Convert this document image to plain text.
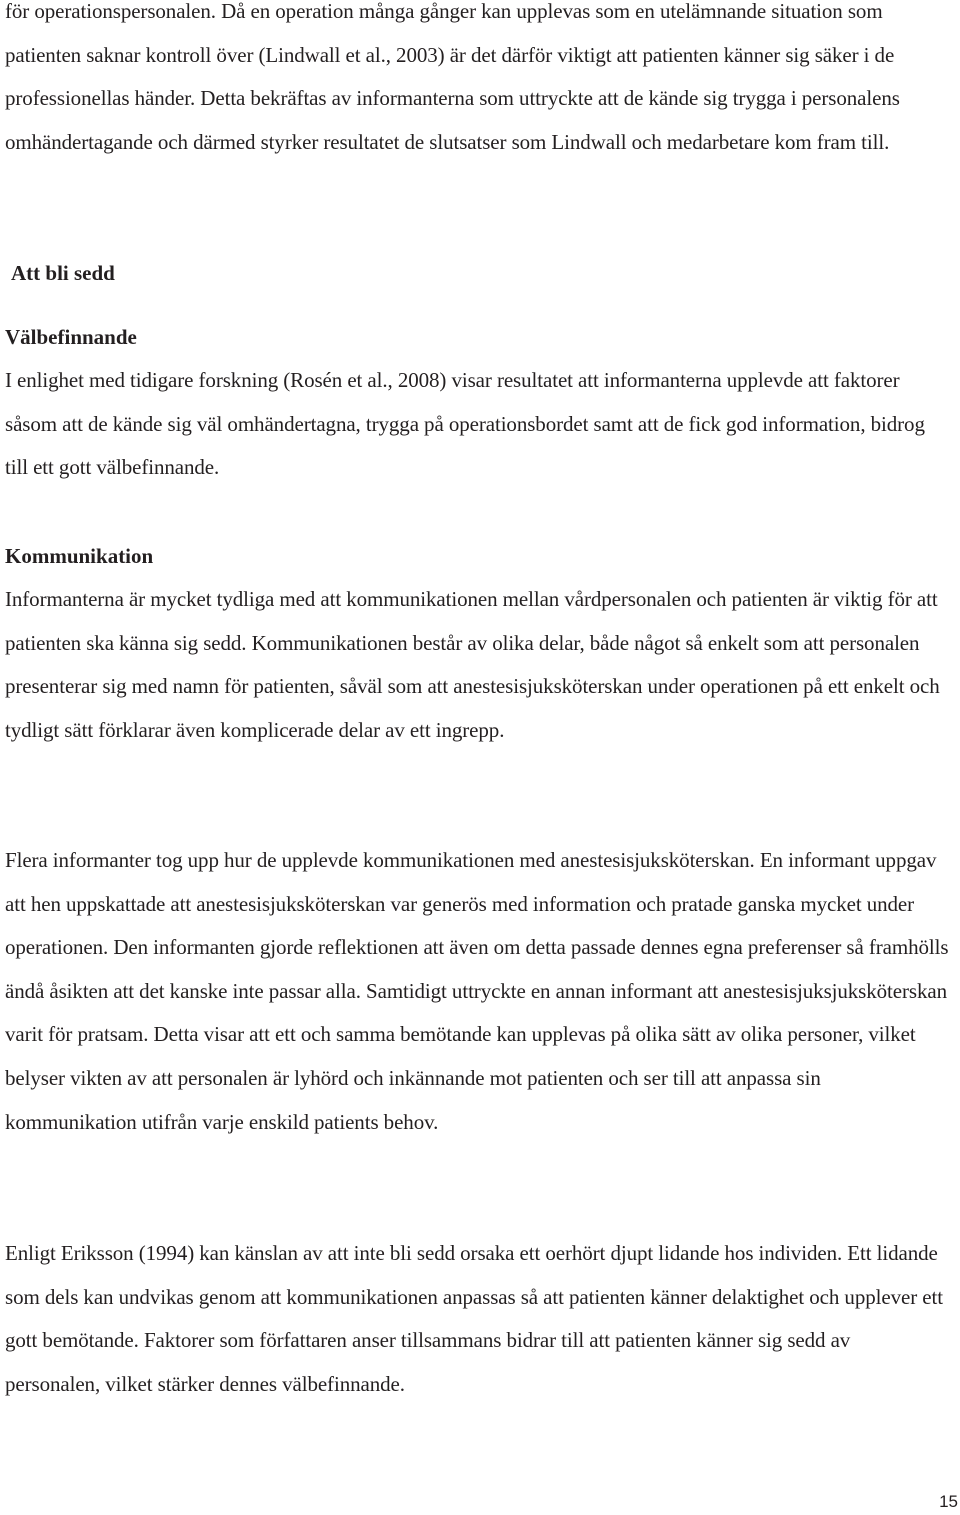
för operationspersonalen. Då en operation många gånger kan upplevas som en utelämnande situation som patienten saknar kontroll över (Lindwall et al., 2003) är det därför viktigt att patienten känner sig säker i de professionellas händer. Detta bekräftas av informanterna som uttryckte att de kände sig trygga i personalens omhändertagande och därmed styrker resultatet de slutsatser som Lindwall och medarbetare kom fram till.

Att bli sedd
Välbefinnande

I enlighet med tidigare forskning (Rosén et al., 2008) visar resultatet att informanterna upplevde att faktorer såsom att de kände sig väl omhändertagna, trygga på operationsbordet samt att de fick god information, bidrog till ett gott välbefinnande.

Kommunikation

Informanterna är mycket tydliga med att kommunikationen mellan vårdpersonalen och patienten är viktig för att patienten ska känna sig sedd. Kommunikationen består av olika delar, både något så enkelt som att personalen presenterar sig med namn för patienten, såväl som att anestesisjuksköterskan under operationen på ett enkelt och tydligt sätt förklarar även komplicerade delar av ett ingrepp.

Flera informanter tog upp hur de upplevde kommunikationen med anestesisjuksköterskan. En informant uppgav att hen uppskattade att anestesisjuksköterskan var generös med information och pratade ganska mycket under operationen. Den informanten gjorde reflektionen att även om detta passade dennes egna preferenser så framhölls ändå åsikten att det kanske inte passar alla. Samtidigt uttryckte en annan informant att anestesisjuksjuksköterskan varit för pratsam. Detta visar att ett och samma bemötande kan upplevas på olika sätt av olika personer, vilket belyser vikten av att personalen är lyhörd och inkännande mot patienten och ser till att anpassa sin kommunikation utifrån varje enskild patients behov.

Enligt Eriksson (1994) kan känslan av att inte bli sedd orsaka ett oerhört djupt lidande hos individen. Ett lidande som dels kan undvikas genom att kommunikationen anpassas så att patienten känner delaktighet och upplever ett gott bemötande. Faktorer som författaren anser tillsammans bidrar till att patienten känner sig sedd av personalen, vilket stärker dennes välbefinnande.

15
